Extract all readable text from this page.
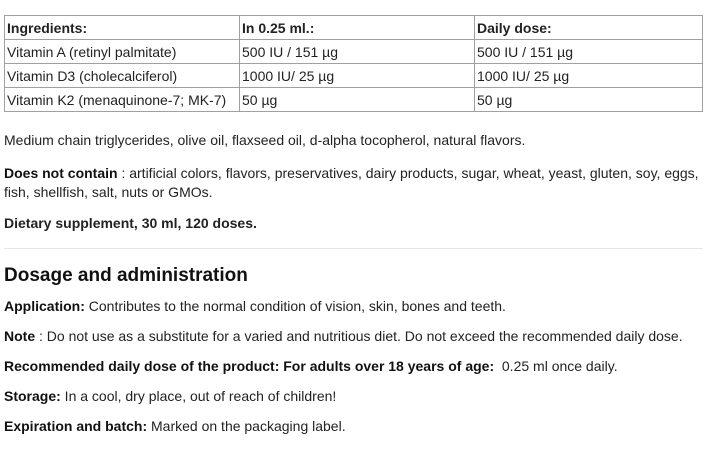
Ingredients:	In 0.25 ml.:	Daily dose:
Vitamin A (retinyl palmitate)	500 IU / 151 µg	500 IU / 151 µg
Vitamin D3 (cholecalciferol)	1000 IU/ 25 µg	1000 IU/ 25 µg
Vitamin K2 (menaquinone-7; MK-7)	50 µg	50 µg

Medium chain triglycerides, olive oil, flaxseed oil, d-alpha tocopherol, natural flavors.

Does not contain : artificial colors, flavors, preservatives, dairy products, sugar, wheat, yeast, gluten, soy, eggs, fish, shellfish, salt, nuts or GMOs.

Dietary supplement, 30 ml, 120 doses.

Dosage and administration

Application: Contributes to the normal condition of vision, skin, bones and teeth.

Note : Do not use as a substitute for a varied and nutritious diet. Do not exceed the recommended daily dose.

Recommended daily dose of the product: For adults over 18 years of age:  0.25 ml once daily.

Storage: In a cool, dry place, out of reach of children!

Expiration and batch: Marked on the packaging label.
